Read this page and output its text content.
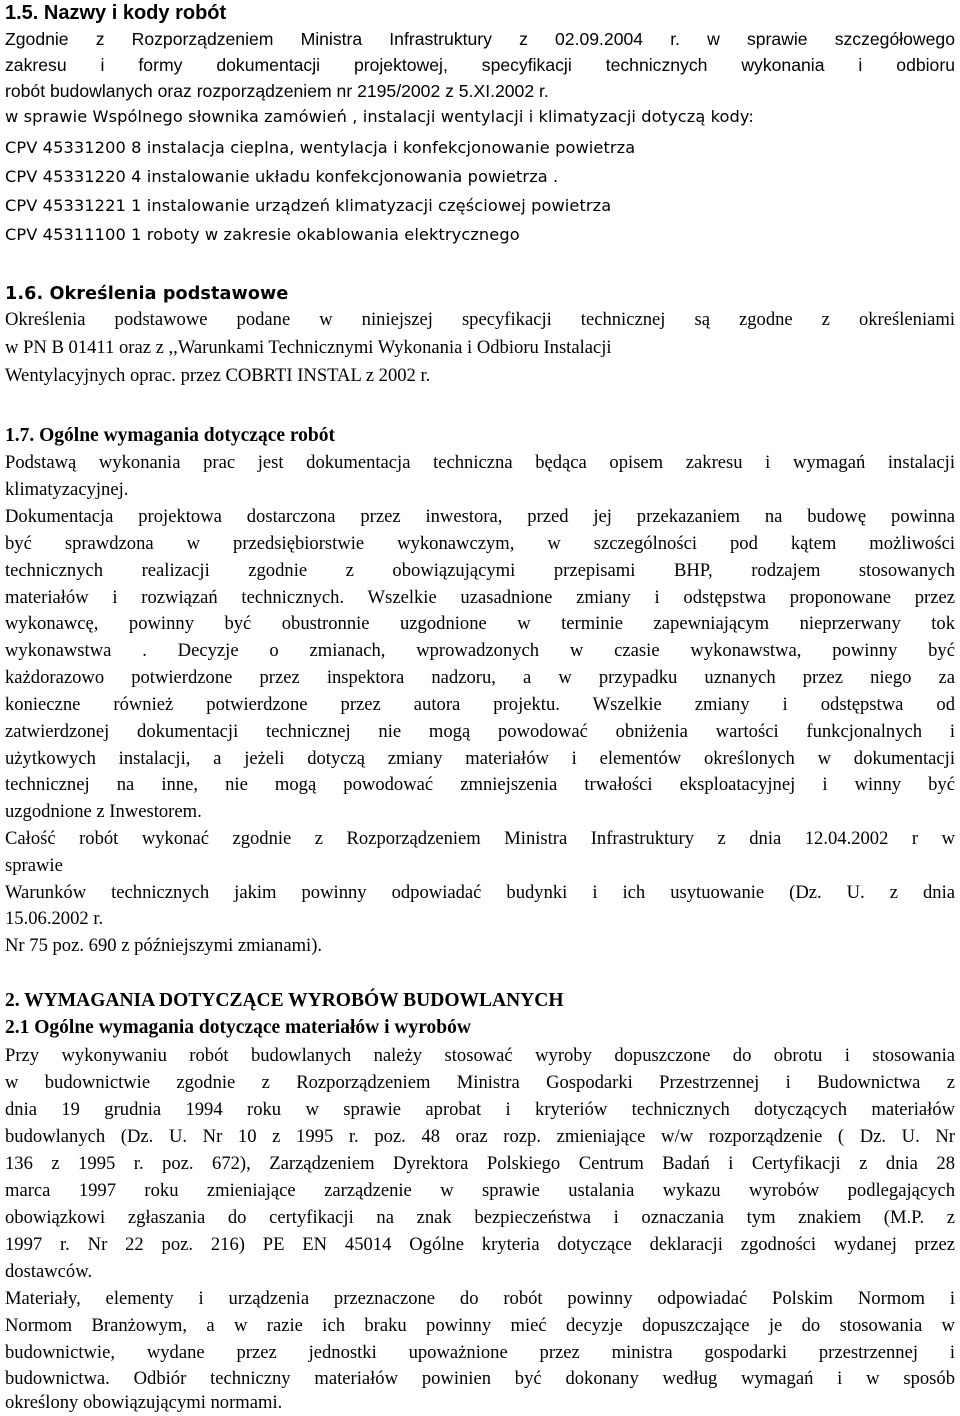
1.5. Nazwy i kody robót
Zgodnie z Rozporządzeniem Ministra Infrastruktury z 02.09.2004 r. w sprawie szczegółowego
zakresu i formy dokumentacji projektowej, specyfikacji technicznych wykonania i odbioru
robót budowlanych oraz rozporządzeniem nr 2195/2002 z 5.XI.2002 r.
w sprawie Wspólnego słownika zamówień , instalacji wentylacji i klimatyzacji dotyczą kody:
CPV 45331200 8 instalacja cieplna, wentylacja i konfekcjonowanie powietrza
CPV 45331220 4 instalowanie układu konfekcjonowania powietrza .
CPV 45331221 1 instalowanie urządzeń klimatyzacji częściowej powietrza
CPV 45311100 1 roboty w zakresie okablowania elektrycznego
1.6. Określenia podstawowe
Określenia podstawowe podane w niniejszej specyfikacji technicznej są zgodne z określeniami
w PN B 01411 oraz z ,,Warunkami Technicznymi Wykonania i Odbioru Instalacji
Wentylacyjnych oprac. przez COBRTI INSTAL z 2002 r.
1.7. Ogólne wymagania dotyczące robót
Podstawą wykonania prac jest dokumentacja techniczna będąca opisem zakresu i wymagań instalacji
klimatyzacyjnej.
Dokumentacja projektowa dostarczona przez inwestora, przed jej przekazaniem na budowę powinna
być sprawdzona w przedsiębiorstwie wykonawczym, w szczególności pod kątem możliwości
technicznych realizacji zgodnie z obowiązującymi przepisami BHP, rodzajem stosowanych
materiałów i rozwiązań technicznych. Wszelkie uzasadnione zmiany i odstępstwa proponowane przez
wykonawcę, powinny być obustronnie uzgodnione w terminie zapewniającym nieprzerwany tok
wykonawstwa . Decyzje o zmianach, wprowadzonych w czasie wykonawstwa, powinny być
każdorazowo potwierdzone przez inspektora nadzoru, a w przypadku uznanych przez niego za
konieczne również potwierdzone przez autora projektu. Wszelkie zmiany i odstępstwa od
zatwierdzonej dokumentacji technicznej nie mogą powodować obniżenia wartości funkcjonalnych i
użytkowych instalacji, a jeżeli dotyczą zmiany materiałów i elementów określonych w dokumentacji
technicznej na inne, nie mogą powodować zmniejszenia trwałości eksploatacyjnej i winny być
uzgodnione z Inwestorem.
Całość robót wykonać zgodnie z Rozporządzeniem Ministra Infrastruktury z dnia 12.04.2002 r w
sprawie
Warunków technicznych jakim powinny odpowiadać budynki i ich usytuowanie (Dz. U. z dnia
15.06.2002 r.
Nr 75 poz. 690 z późniejszymi zmianami).
2. WYMAGANIA DOTYCZĄCE WYROBÓW BUDOWLANYCH
2.1 Ogólne wymagania dotyczące materiałów i wyrobów
Przy wykonywaniu robót budowlanych należy stosować wyroby dopuszczone do obrotu i stosowania
w budownictwie zgodnie z Rozporządzeniem Ministra Gospodarki Przestrzennej i Budownictwa z
dnia 19 grudnia 1994 roku w sprawie aprobat i kryteriów technicznych dotyczących materiałów
budowlanych (Dz. U. Nr 10 z 1995 r. poz. 48 oraz rozp. zmieniające w/w rozporządzenie ( Dz. U. Nr
136 z 1995 r. poz. 672), Zarządzeniem Dyrektora Polskiego Centrum Badań i Certyfikacji z dnia 28
marca 1997 roku zmieniające zarządzenie w sprawie ustalania wykazu wyrobów podlegających
obowiązkowi zgłaszania do certyfikacji na znak bezpieczeństwa i oznaczania tym znakiem (M.P. z
1997 r. Nr 22 poz. 216) PE EN 45014 Ogólne kryteria dotyczące deklaracji zgodności wydanej przez
dostawców.
Materiały, elementy i urządzenia przeznaczone do robót powinny odpowiadać Polskim Normom i
Normom Branżowym, a w razie ich braku powinny mieć decyzje dopuszczające je do stosowania w
budownictwie, wydane przez jednostki upoważnione przez ministra gospodarki przestrzennej i
budownictwa. Odbiór techniczny materiałów powinien być dokonany według wymagań i w sposób
określony obowiązującymi normami.
